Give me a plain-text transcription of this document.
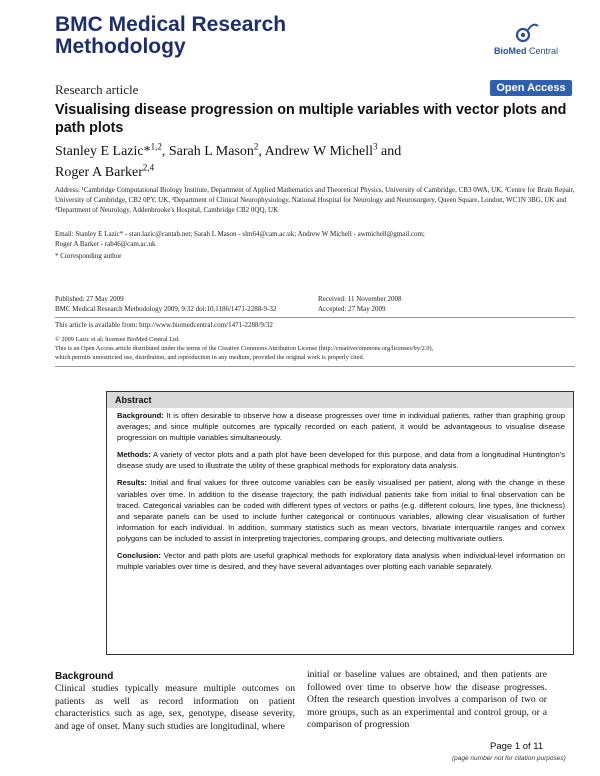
BMC Medical Research
Methodology	BioMed Central
Research article	Open Access
Visualising disease progression on multiple variables with vector plots and path plots
Stanley E Lazic*$^{1,2}$, Sarah L Mason$^2$, Andrew W Michell$^3$ and
Roger A Barker$^{2,4}$
Address: ¹Cambridge Computational Biology Institute, Department of Applied Mathematics and Theoretical Physics, University of Cambridge, CB3 0WA, UK, ²Centre for Brain Repair, University of Cambridge, CB2 0PY, UK, ³Department of Clinical Neurophysiology, National Hospital for Neurology and Neurosurgery, Queen Square, London, WC1N 3BG, UK and ⁴Department of Neurology, Addenbrooke's Hospital, Cambridge CB2 0QQ, UK
Email: Stanley E Lazic* - stan.lazic@cantab.net; Sarah L Mason - slm64@cam.ac.uk; Andrew W Michell - awmichell@gmail.com;
Roger A Barker - rab46@cam.ac.uk
* Corresponding author
Published: 27 May 2009
BMC Medical Research Methodology 2009, 9:32 doi:10.1186/1471-2288-9-32
Received: 11 November 2008
Accepted: 27 May 2009
This article is available from: http://www.biomedcentral.com/1471-2288/9/32
© 2009 Lazic et al; licensee BioMed Central Ltd.
This is an Open Access article distributed under the terms of the Creative Commons Attribution License (http://creativecommons.org/licenses/by/2.0),
which permits unrestricted use, distribution, and reproduction in any medium, provided the original work is properly cited.
Abstract

Background: It is often desirable to observe how a disease progresses over time in individual patients, rather than graphing group averages; and since multiple outcomes are typically recorded on each patient, it would be advantageous to visualise disease progression on multiple variables simultaneously.

Methods: A variety of vector plots and a path plot have been developed for this purpose, and data from a longitudinal Huntington's disease study are used to illustrate the utility of these graphical methods for exploratory data analysis.

Results: Initial and final values for three outcome variables can be easily visualised per patient, along with the change in these variables over time. In addition to the disease trajectory, the path individual patients take from initial to final observation can be traced. Categorical variables can be coded with different types of vectors or paths (e.g. different colours, line types, line thickness) and separate panels can be used to include further categorical or continuous variables, allowing clear visualisation of further information for each individual. In addition, summary statistics such as mean vectors, bivariate interquartile ranges and convex polygons can be included to assist in interpreting trajectories, comparing groups, and detecting multivariate outliers.

Conclusion: Vector and path plots are useful graphical methods for exploratory data analysis when individual-level information on multiple variables over time is desired, and they have several advantages over plotting each variable separately.

Background
Clinical studies typically measure multiple outcomes on patients as well as record information on patient characteristics such as age, sex, genotype, disease severity, and age of onset. Many such studies are longitudinal, where
initial or baseline values are obtained, and then patients are followed over time to observe how the disease progresses. Often the research question involves a comparison of two or more groups, such as an experimental and control group, or a comparison of progression
Page 1 of 11
(page number not for citation purposes)
